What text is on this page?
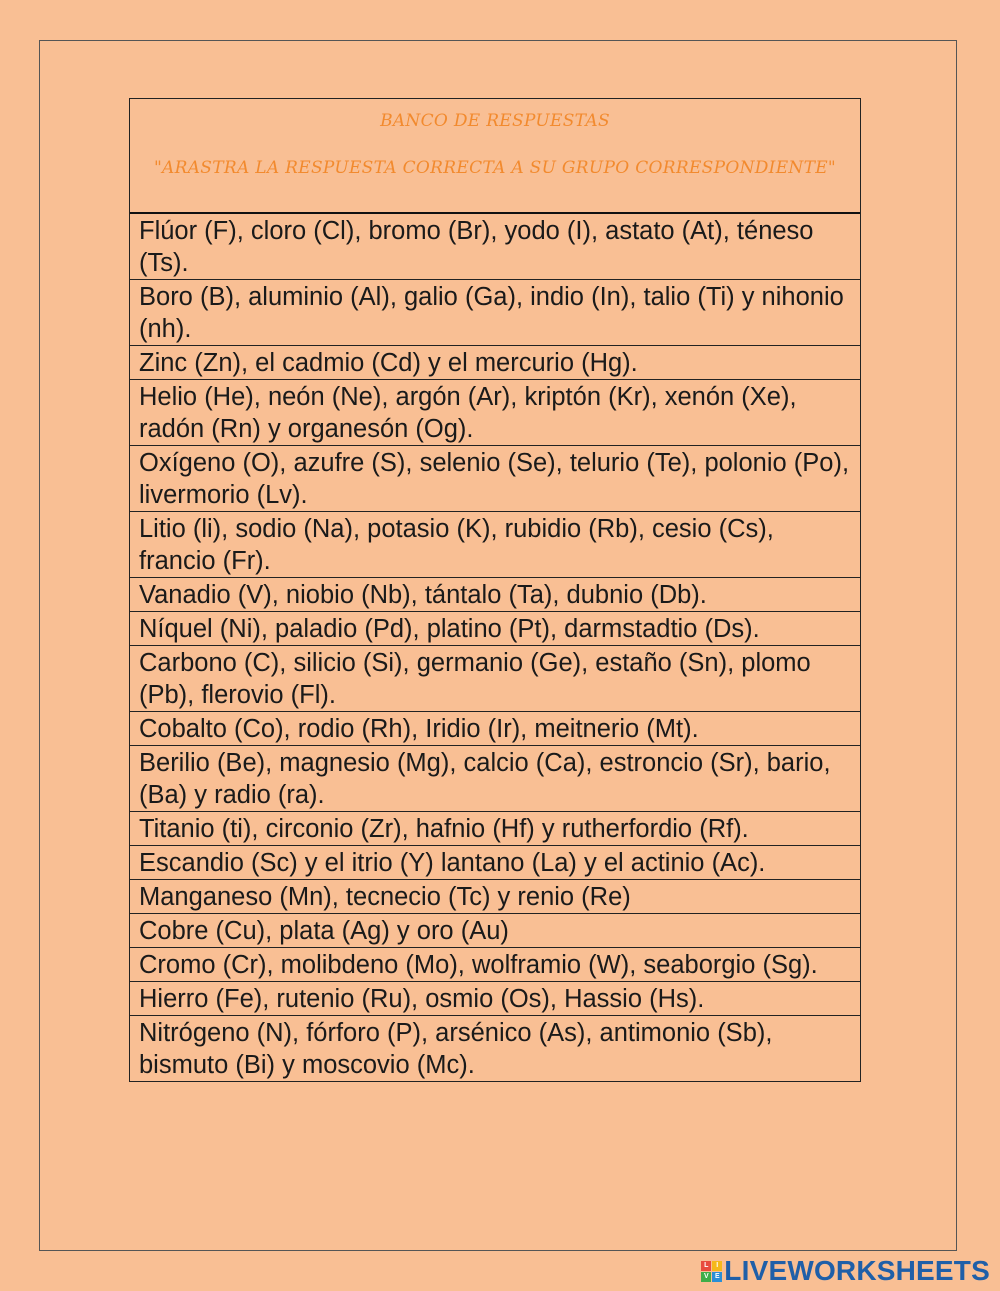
BANCO DE RESPUESTAS
"ARASTRA LA RESPUESTA CORRECTA A SU GRUPO CORRESPONDIENTE"
Flúor (F), cloro (Cl), bromo (Br), yodo (I), astato (At), téneso (Ts).
Boro (B), aluminio (Al), galio (Ga), indio (In), talio (Ti) y nihonio (nh).
Zinc (Zn), el cadmio (Cd) y el mercurio (Hg).
Helio (He), neón (Ne), argón (Ar), kriptón (Kr), xenón (Xe), radón (Rn) y organesón (Og).
Oxígeno (O), azufre (S), selenio (Se), telurio (Te), polonio (Po), livermorio (Lv).
Litio (li), sodio (Na), potasio (K), rubidio (Rb), cesio (Cs), francio (Fr).
Vanadio (V), niobio (Nb), tántalo (Ta), dubnio (Db).
Níquel (Ni), paladio (Pd), platino (Pt), darmstadtio (Ds).
Carbono (C), silicio (Si), germanio (Ge), estaño (Sn), plomo (Pb), flerovio (Fl).
Cobalto (Co), rodio (Rh), Iridio (Ir), meitnerio (Mt).
Berilio (Be), magnesio (Mg), calcio (Ca), estroncio (Sr), bario, (Ba) y radio (ra).
Titanio (ti), circonio (Zr), hafnio (Hf) y rutherfordio (Rf).
Escandio (Sc) y el itrio (Y) lantano (La) y el actinio (Ac).
Manganeso (Mn), tecnecio (Tc) y renio (Re)
Cobre (Cu), plata (Ag) y oro (Au)
Cromo (Cr), molibdeno (Mo), wolframio (W), seaborgio (Sg).
Hierro (Fe), rutenio (Ru), osmio (Os), Hassio (Hs).
Nitrógeno (N), fórforo (P), arsénico (As), antimonio (Sb), bismuto (Bi) y moscovio (Mc).
L	I
V E LIVEWORKSHEETS
